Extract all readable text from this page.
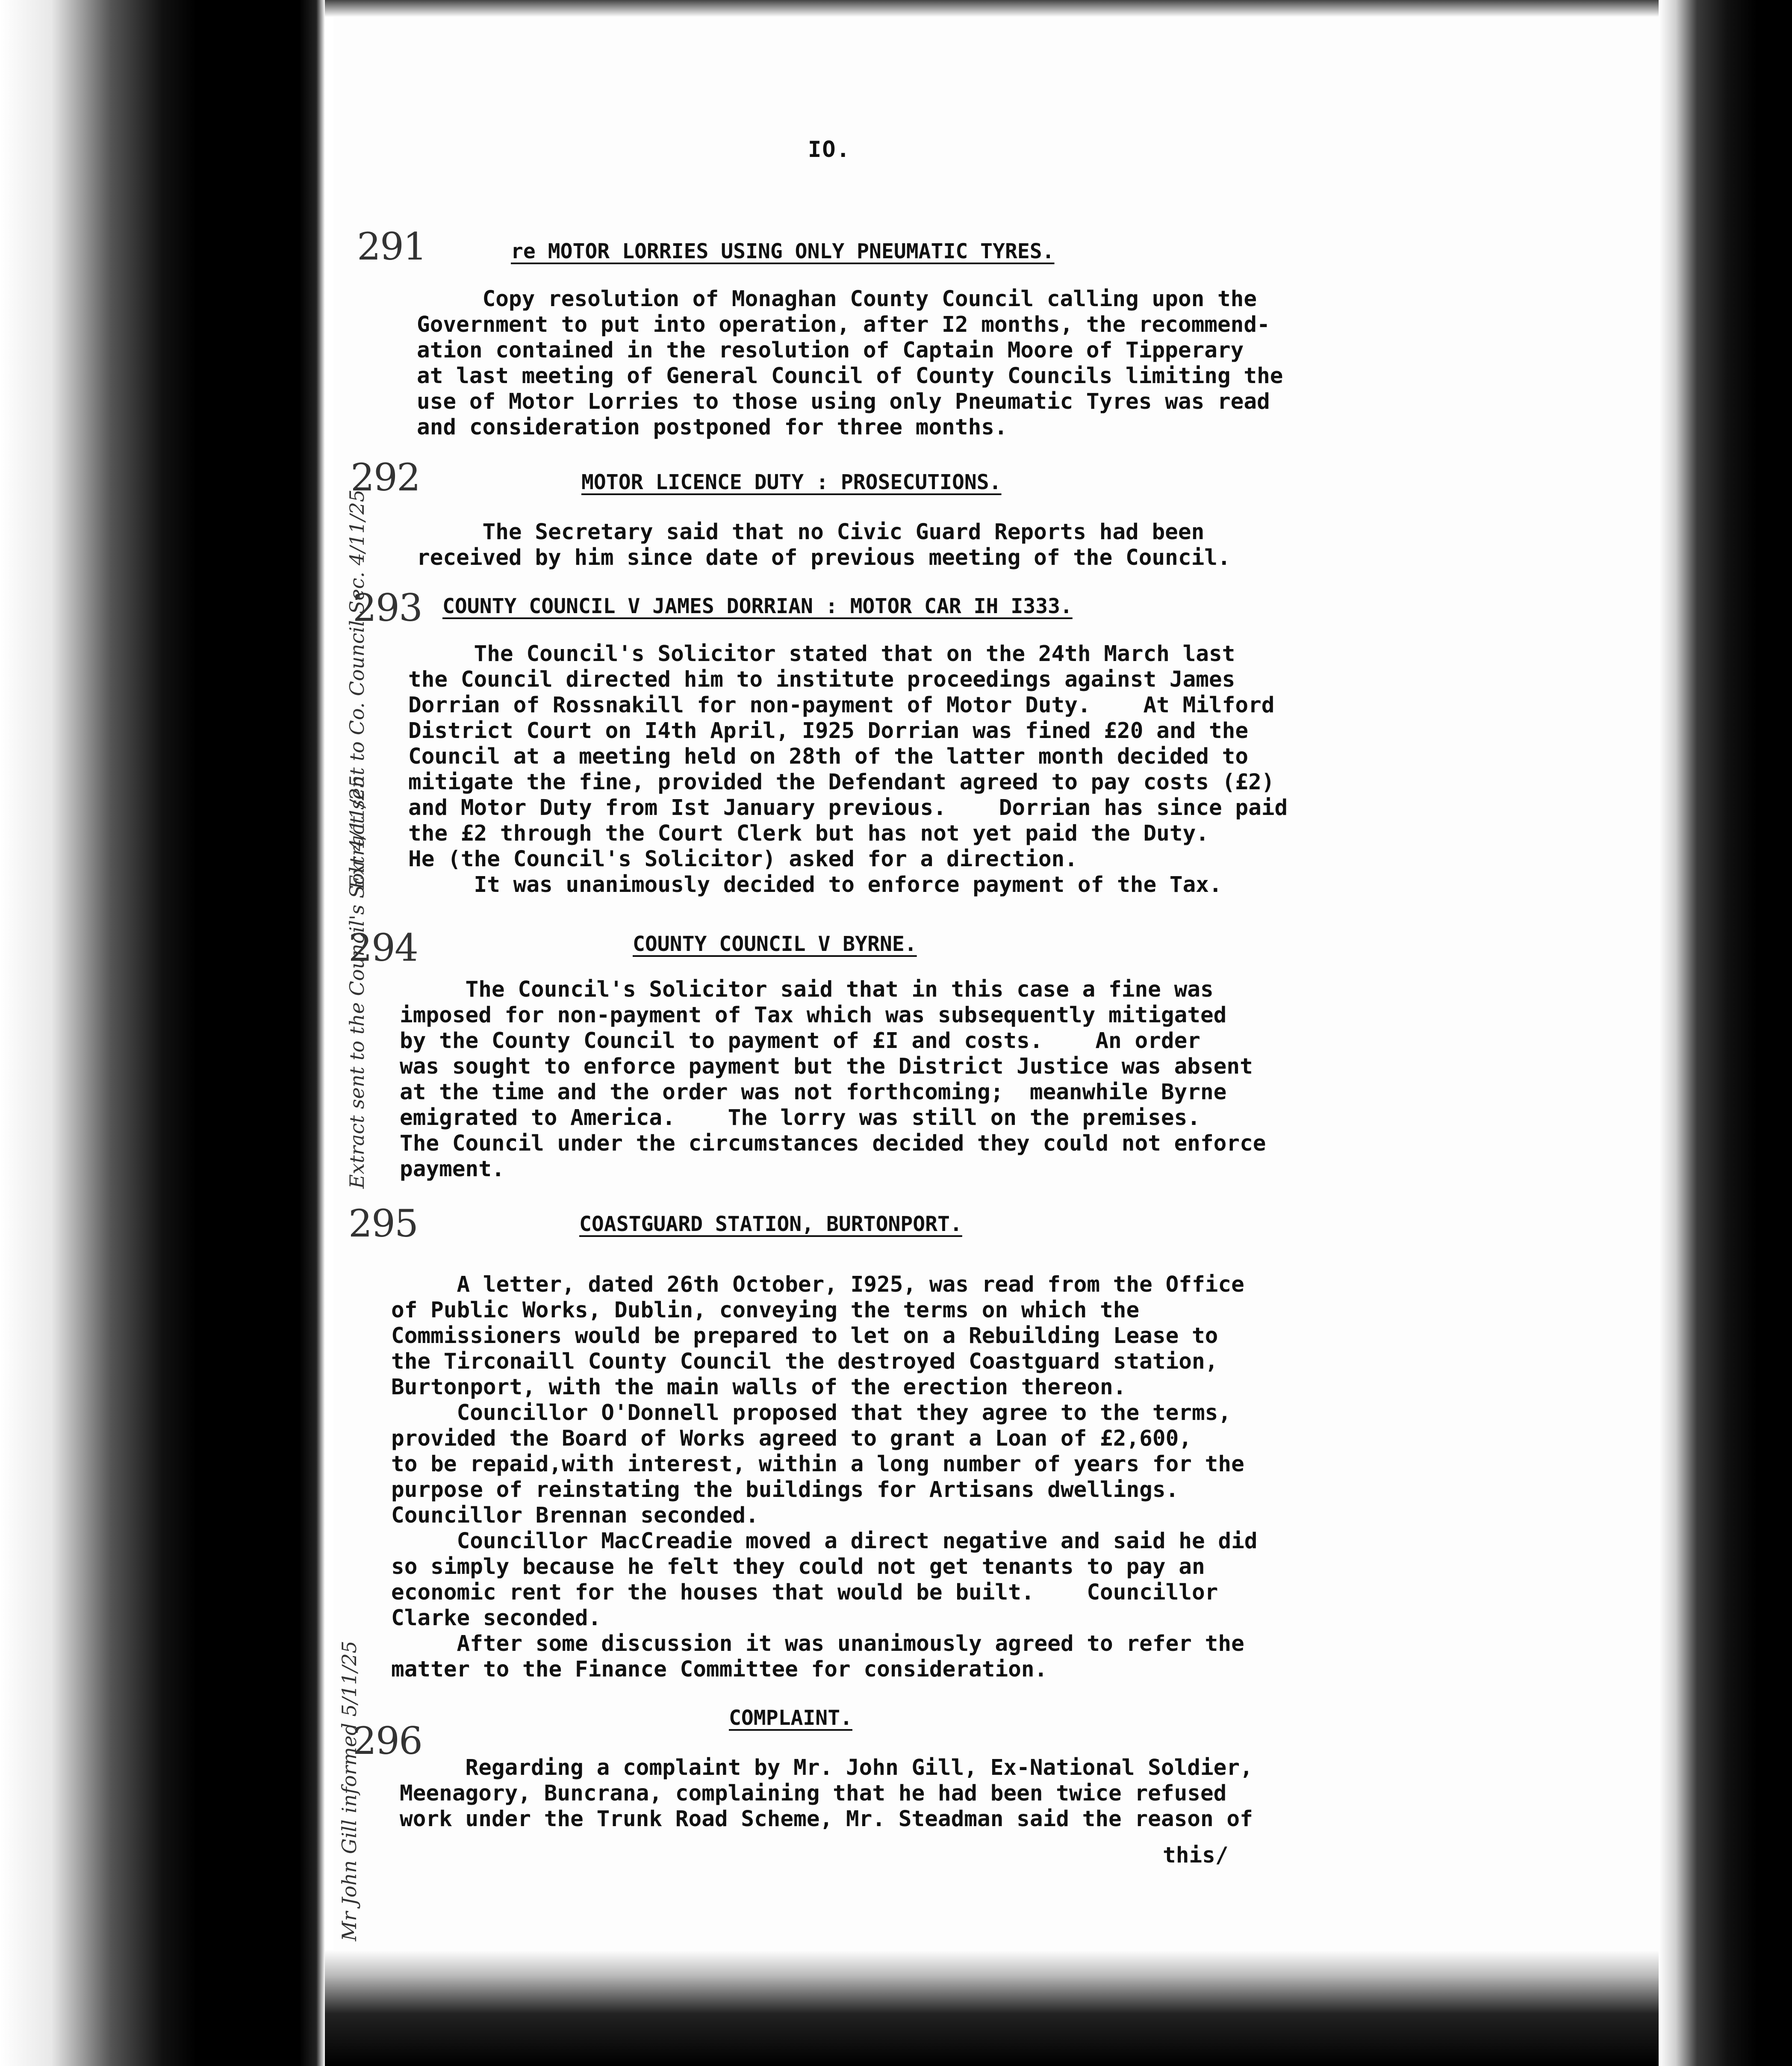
IO.
291	re MOTOR LORRIES USING ONLY PNEUMATIC TYRES.
Copy resolution of Monaghan County Council calling upon the
Government to put into operation, after I2 months, the recommend-
ation contained in the resolution of Captain Moore of Tipperary
at last meeting of General Council of County Councils limiting the
use of Motor Lorries to those using only Pneumatic Tyres was read
and consideration postponed for three months.
292	MOTOR LICENCE DUTY : PROSECUTIONS.
The Secretary said that no Civic Guard Reports had been
received by him since date of previous meeting of the Council.
293 COUNTY COUNCIL V JAMES DORRIAN : MOTOR CAR IH I333.
The Council's Solicitor stated that on the 24th March last
the Council directed him to institute proceedings against James
Dorrian of Rossnakill for non-payment of Motor Duty.    At Milford
District Court on I4th April, I925 Dorrian was fined £20 and the
Council at a meeting held on 28th of the latter month decided to
mitigate the fine, provided the Defendant agreed to pay costs (£2)
and Motor Duty from Ist January previous.    Dorrian has since paid
the £2 through the Court Clerk but has not yet paid the Duty.
He (the Council's Solicitor) asked for a direction.
It was unanimously decided to enforce payment of the Tax.
Extract sent to Co. Council Sec. 4/11/25
294	COUNTY COUNCIL V BYRNE.
The Council's Solicitor said that in this case a fine was
imposed for non-payment of Tax which was subsequently mitigated
by the County Council to payment of £I and costs.    An order
was sought to enforce payment but the District Justice was absent
at the time and the order was not forthcoming;  meanwhile Byrne
emigrated to America.    The lorry was still on the premises.
The Council under the circumstances decided they could not enforce
payment.
Extract sent to the Council's Solr 4/11/25
295	COASTGUARD STATION, BURTONPORT.
A letter, dated 26th October, I925, was read from the Office
of Public Works, Dublin, conveying the terms on which the
Commissioners would be prepared to let on a Rebuilding Lease to
the Tirconaill County Council the destroyed Coastguard station,
Burtonport, with the main walls of the erection thereon.
Councillor O'Donnell proposed that they agree to the terms,
provided the Board of Works agreed to grant a Loan of £2,600,
to be repaid,with interest, within a long number of years for the
purpose of reinstating the buildings for Artisans dwellings.
Councillor Brennan seconded.
Councillor MacCreadie moved a direct negative and said he did
so simply because he felt they could not get tenants to pay an
economic rent for the houses that would be built.    Councillor
Clarke seconded.
After some discussion it was unanimously agreed to refer the
matter to the Finance Committee for consideration.
COMPLAINT.
296
Regarding a complaint by Mr. John Gill, Ex-National Soldier,
Meenagory, Buncrana, complaining that he had been twice refused
work under the Trunk Road Scheme, Mr. Steadman said the reason of
Mr John Gill informed 5/11/25	this/
